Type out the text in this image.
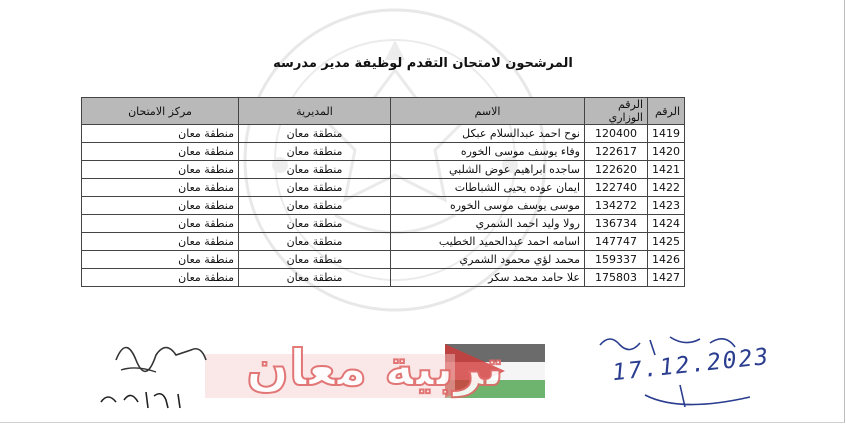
المرشحون لامتحان التقدم لوظيفة مدير مدرسه
الرقم	الرقم الوزاري	الاسم	المديرية	مركز الامتحان
1419	120400	نوح احمد عبدالسلام عبكل	منطقة معان	منطقة معان
1420	122617	وفاء يوسف موسى الخوره	منطقة معان	منطقة معان
1421	122620	ساجده ابراهيم عوض الشلبي	منطقة معان	منطقة معان
1422	122740	ايمان عوده يحيى الشباطات	منطقة معان	منطقة معان
1423	134272	موسى يوسف موسى الخوره	منطقة معان	منطقة معان
1424	136734	رولا وليد احمد الشمري	منطقة معان	منطقة معان
1425	147747	اسامه احمد عبدالحميد الخطيب	منطقة معان	منطقة معان
1426	159337	محمد لؤي محمود الشمري	منطقة معان	منطقة معان
1427	175803	علا حامد محمد سكر	منطقة معان	منطقة معان
تربية معان	17.12.2023
